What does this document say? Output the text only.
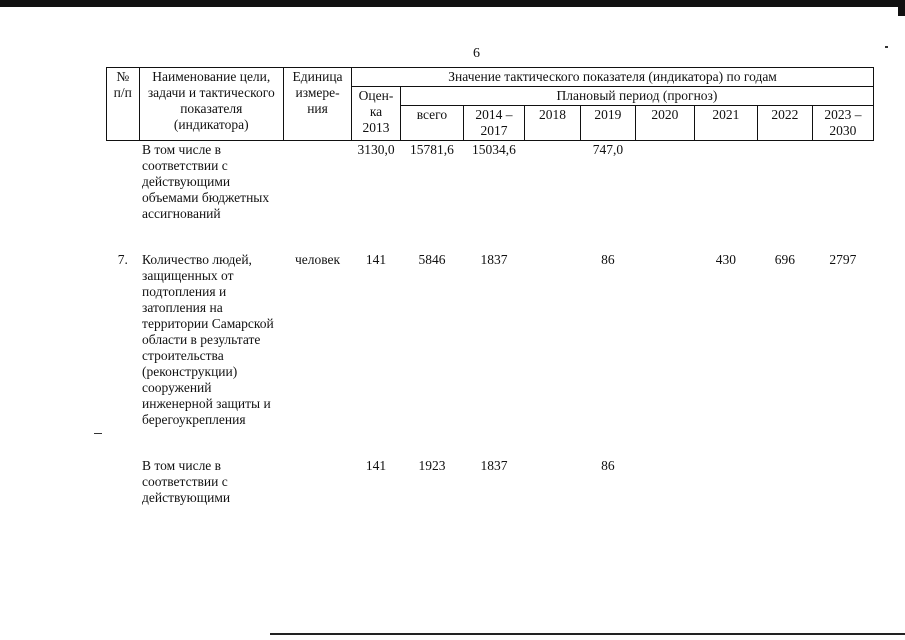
6
№ п/п	Наименование цели, задачи и тактического показателя (индикатора)	Единица измере-ния	Значение тактического показателя (индикатора) по годам								
			Оцен-ка 2013	Плановый период (прогноз)							
				всего	2014 – 2017	2018	2019	2020	2021	2022	2023 – 2030
	В том числе в соответствии с действующими объемами бюджетных ассигнований		3130,0	15781,6	15034,6		747,0				

7.	Количество людей, защищенных от подтопления и затопления на территории Самарской области в результате строительства (реконструкции) сооружений инженерной защиты и берегоукрепления	человек	141	5846	1837		86		430	696	2797

	В том числе в соответствии с действующими		141	1923	1837		86				
